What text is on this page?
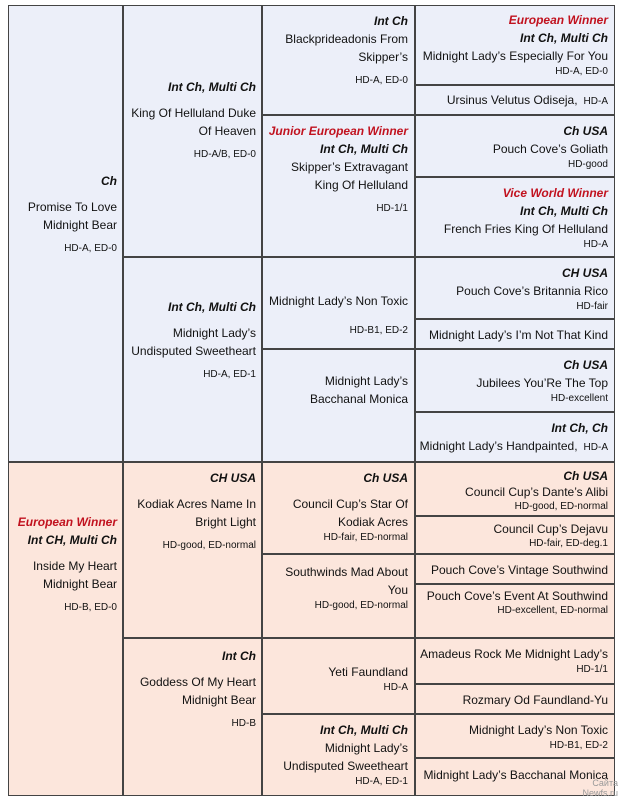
Ch
Promise To Love Midnight Bear
HD-A, ED-0
European Winner
Int CH, Multi Ch
Inside My Heart Midnight Bear
HD-B, ED-0
Int Ch, Multi Ch
King Of Helluland Duke Of Heaven
HD-A/B, ED-0
Int Ch, Multi Ch
Midnight Lady’s Undisputed Sweetheart
HD-A, ED-1
CH USA
Kodiak Acres Name In Bright Light
HD-good, ED-normal
Int Ch
Goddess Of My Heart Midnight Bear
HD-B
Int Ch
Blackprideadonis From Skipper’s
HD-A, ED-0
Junior European Winner
Int Ch, Multi Ch
Skipper’s Extravagant King Of Helluland
HD-1/1
Midnight Lady’s Non Toxic
HD-B1, ED-2
Midnight Lady’s Bacchanal Monica
Ch USA
Council Cup’s Star Of Kodiak Acres
HD-fair, ED-normal
Southwinds Mad About You
HD-good, ED-normal
Yeti Faundland
HD-A
Int Ch, Multi Ch
Midnight Lady’s Undisputed Sweetheart
HD-A, ED-1
European Winner
Int Ch, Multi Ch
Midnight Lady’s Especially For You
HD-A, ED-0
Ursinus Velutus Odiseja, HD-A
Ch USA
Pouch Cove’s Goliath
HD-good
Vice World Winner
Int Ch, Multi Ch
French Fries King Of Helluland
HD-A
CH USA
Pouch Cove’s Britannia Rico
HD-fair
Midnight Lady’s I’m Not That Kind
Ch USA
Jubilees You’Re The Top
HD-excellent
Int Ch, Ch
Midnight Lady’s Handpainted, HD-A
Ch USA
Council Cup’s Dante’s Alibi
HD-good, ED-normal
Council Cup’s Dejavu
HD-fair, ED-deg.1
Pouch Cove’s Vintage Southwind
Pouch Cove’s Event At Southwind
HD-excellent, ED-normal
Amadeus Rock Me Midnight Lady’s
HD-1/1
Rozmary Od Faundland-Yu
Midnight Lady’s Non Toxic
HD-B1, ED-2
Midnight Lady’s Bacchanal Monica
Сайта
Newfs.ru
